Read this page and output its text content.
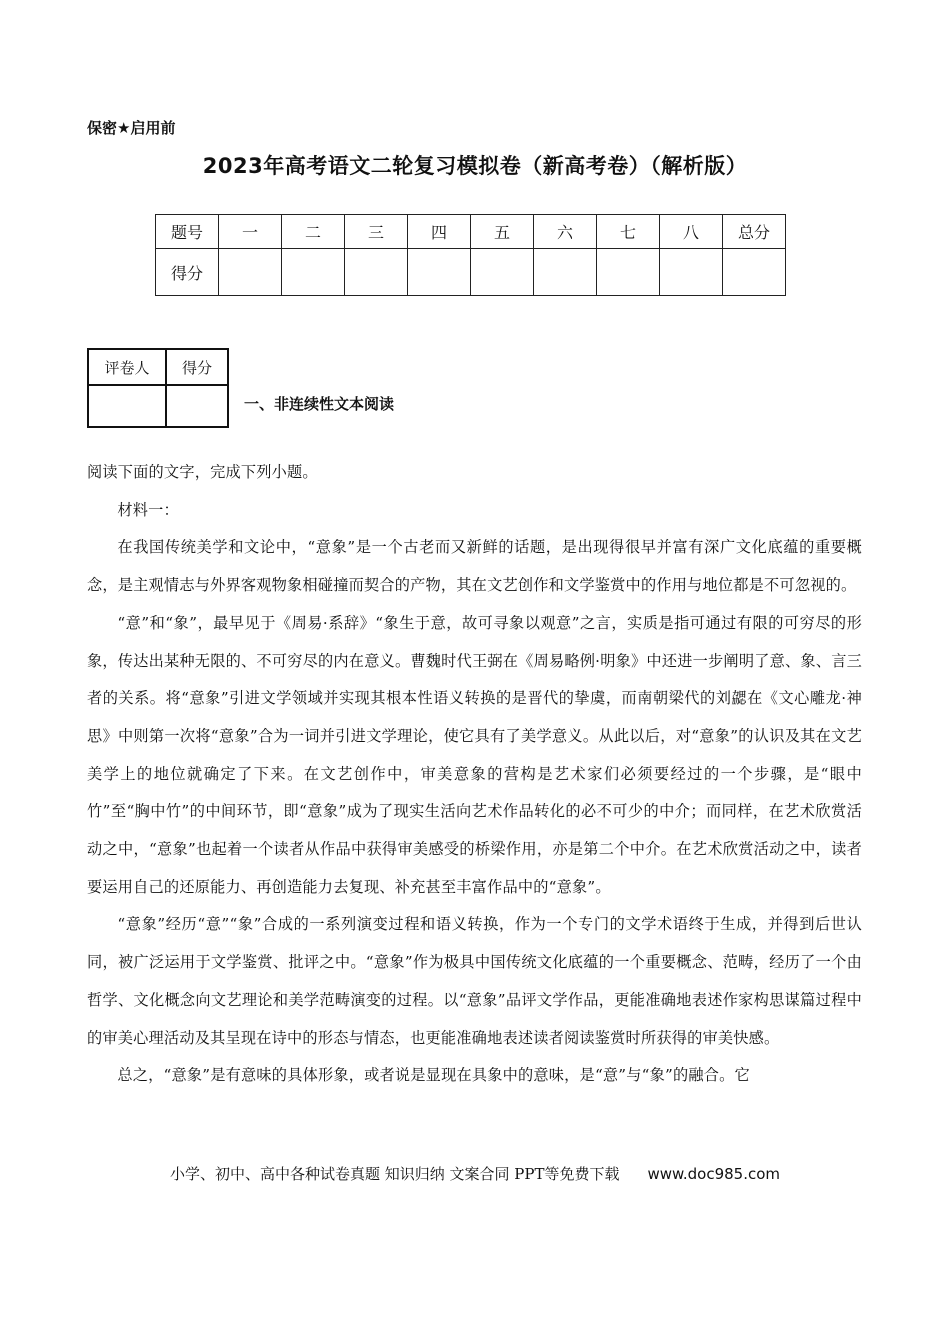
保密★启用前
2023年高考语文二轮复习模拟卷（新高考卷）（解析版）
题号	一	二	三	四	五	六	七	八	总分
得分									
评卷人	得分

一、非连续性文本阅读

阅读下面的文字，完成下列小题。

材料一：

在我国传统美学和文论中，“意象”是一个古老而又新鲜的话题，是出现得很早并富有深广文化底蕴的重要概念，是主观情志与外界客观物象相碰撞而契合的产物，其在文艺创作和文学鉴赏中的作用与地位都是不可忽视的。

“意”和“象”，最早见于《周易·系辞》“象生于意，故可寻象以观意”之言，实质是指可通过有限的可穷尽的形象，传达出某种无限的、不可穷尽的内在意义。曹魏时代王弼在《周易略例·明象》中还进一步阐明了意、象、言三者的关系。将“意象”引进文学领域并实现其根本性语义转换的是晋代的挚虞，而南朝梁代的刘勰在《文心雕龙·神思》中则第一次将“意象”合为一词并引进文学理论，使它具有了美学意义。从此以后，对“意象”的认识及其在文艺美学上的地位就确定了下来。在文艺创作中，审美意象的营构是艺术家们必须要经过的一个步骤，是“眼中竹”至“胸中竹”的中间环节，即“意象”成为了现实生活向艺术作品转化的必不可少的中介；而同样，在艺术欣赏活动之中，“意象”也起着一个读者从作品中获得审美感受的桥梁作用，亦是第二个中介。在艺术欣赏活动之中，读者要运用自己的还原能力、再创造能力去复现、补充甚至丰富作品中的“意象”。

“意象”经历“意”“象”合成的一系列演变过程和语义转换，作为一个专门的文学术语终于生成，并得到后世认同，被广泛运用于文学鉴赏、批评之中。“意象”作为极具中国传统文化底蕴的一个重要概念、范畴，经历了一个由哲学、文化概念向文艺理论和美学范畴演变的过程。以“意象”品评文学作品，更能准确地表述作家构思谋篇过程中的审美心理活动及其呈现在诗中的形态与情态，也更能准确地表述读者阅读鉴赏时所获得的审美快感。

总之，“意象”是有意味的具体形象，或者说是显现在具象中的意味，是“意”与“象”的融合。它

小学、初中、高中各种试卷真题 知识归纳 文案合同 PPT等免费下载 www.doc985.com
